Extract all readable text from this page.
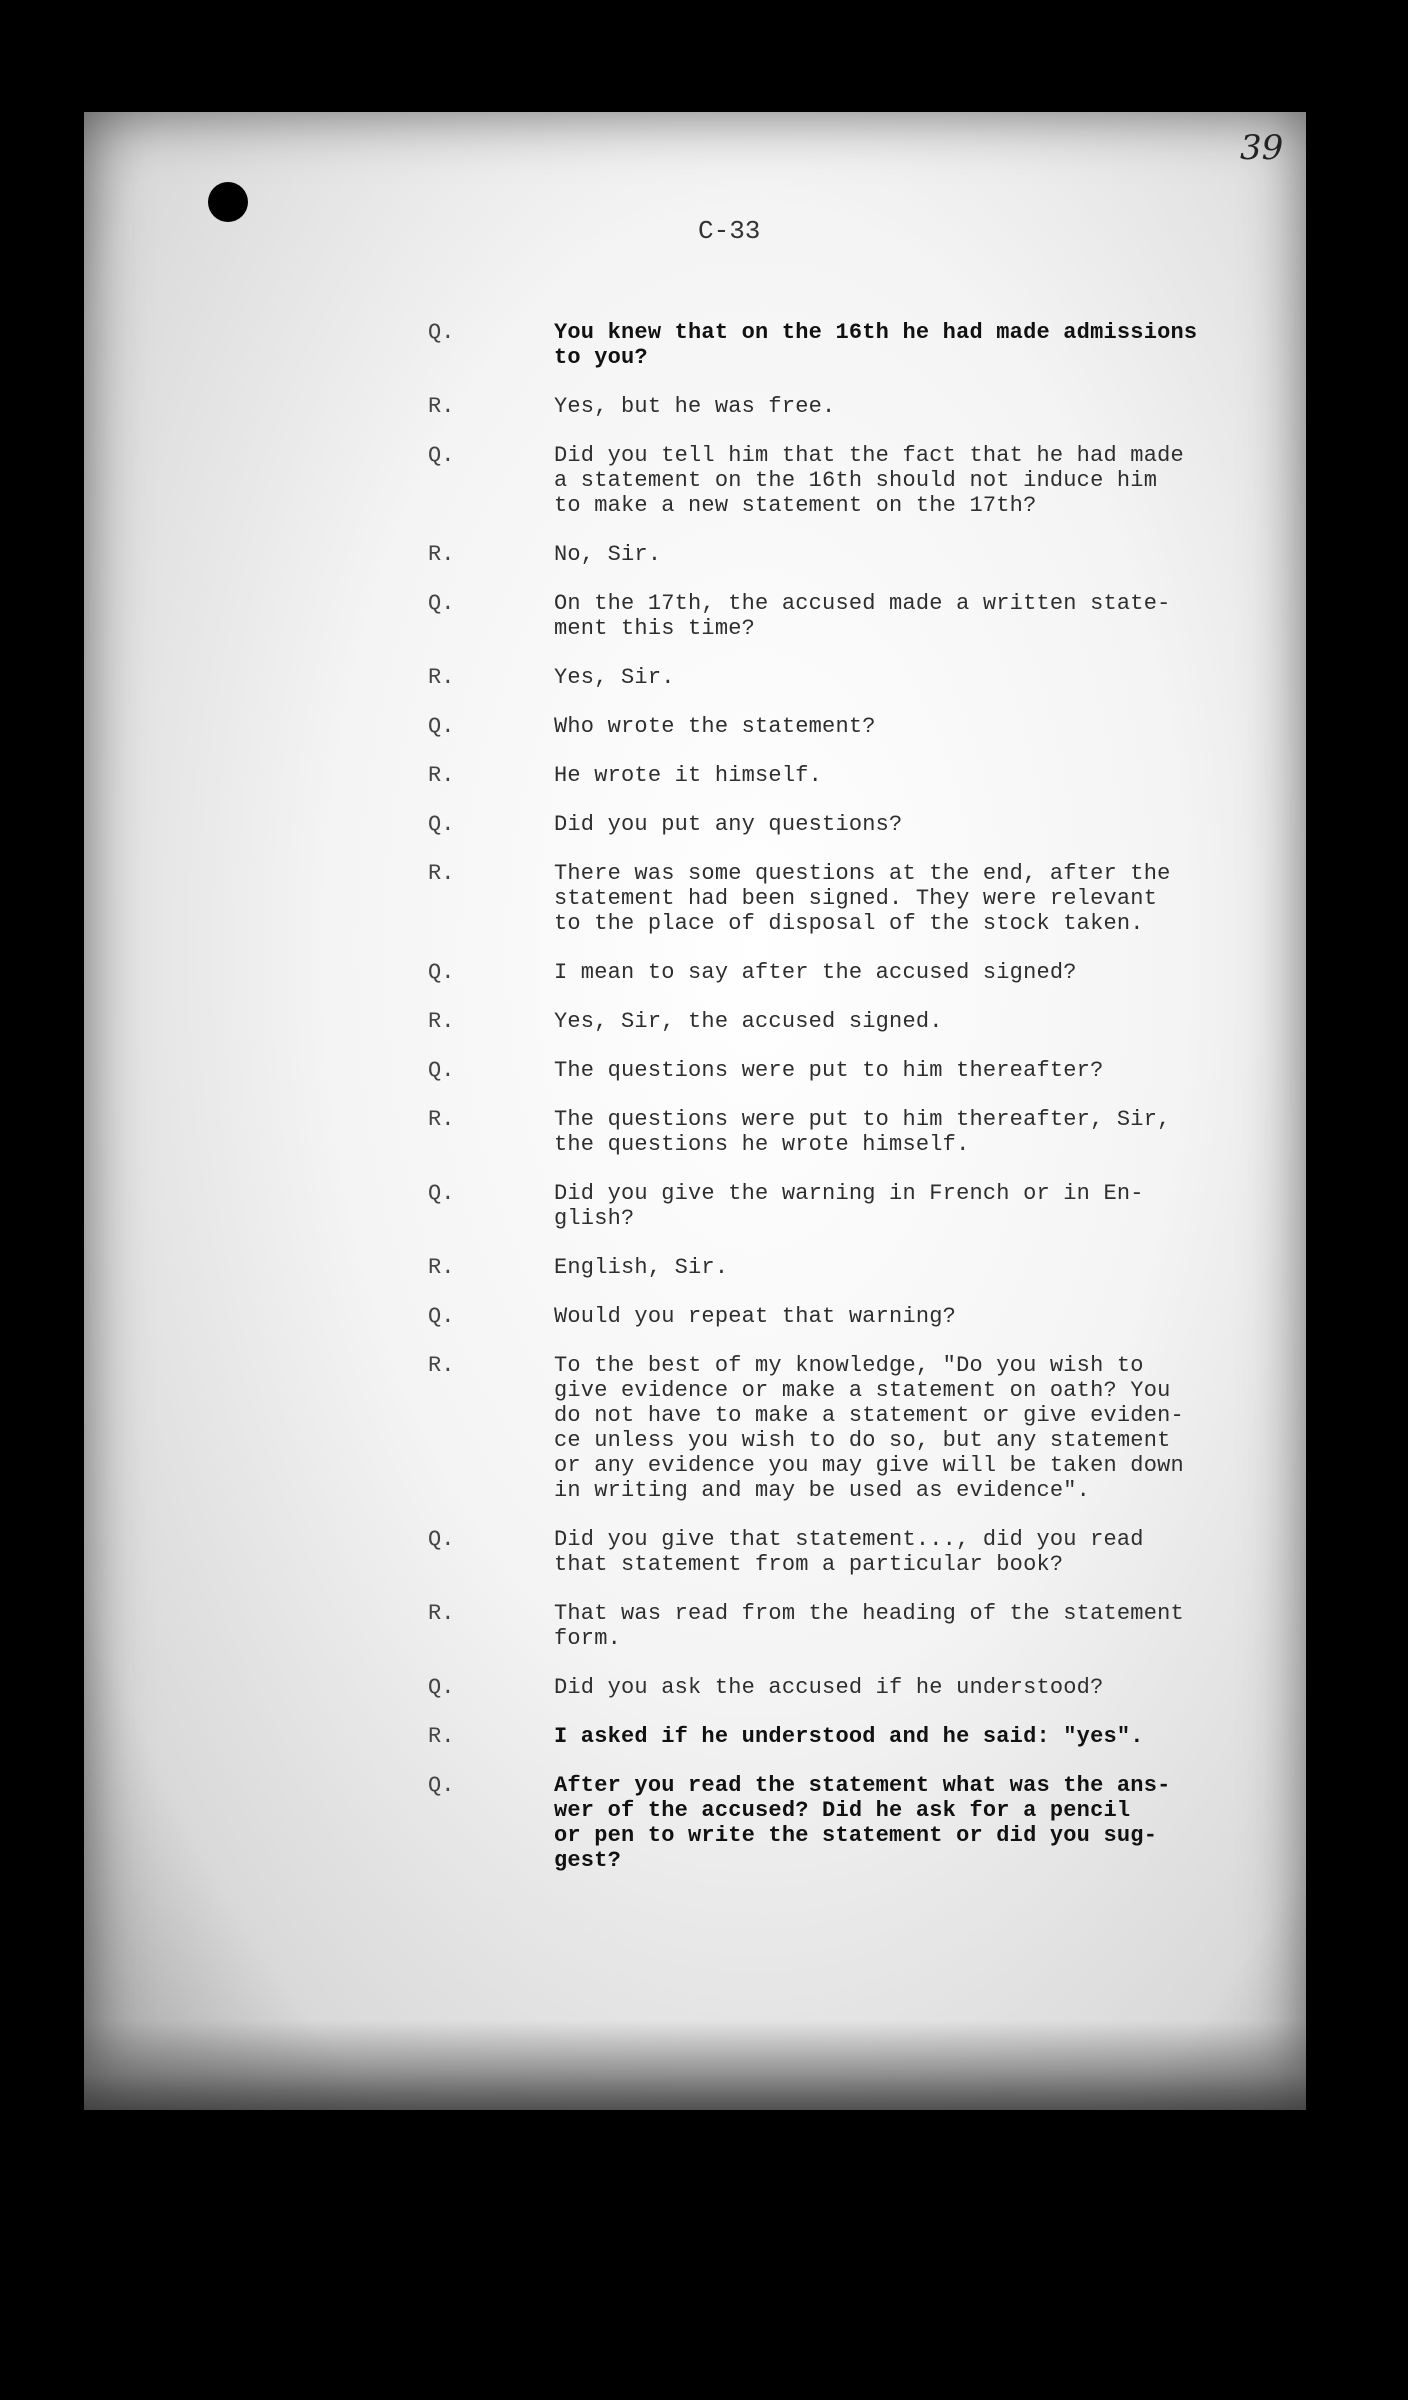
39
C-33
Q.	You knew that on the 16th he had made admissions
to you?
R.	Yes, but he was free.
Q.	Did you tell him that the fact that he had made
a statement on the 16th should not induce him
to make a new statement on the 17th?
R.	No, Sir.
Q.	On the 17th, the accused made a written state-
ment this time?
R.	Yes, Sir.
Q.	Who wrote the statement?
R.	He wrote it himself.
Q.	Did you put any questions?
R.	There was some questions at the end, after the
statement had been signed. They were relevant
to the place of disposal of the stock taken.
Q.	I mean to say after the accused signed?
R.	Yes, Sir, the accused signed.
Q.	The questions were put to him thereafter?
R.	The questions were put to him thereafter, Sir,
the questions he wrote himself.
Q.	Did you give the warning in French or in En-
glish?
R.	English, Sir.
Q.	Would you repeat that warning?
R.	To the best of my knowledge, "Do you wish to
give evidence or make a statement on oath? You
do not have to make a statement or give eviden-
ce unless you wish to do so, but any statement
or any evidence you may give will be taken down
in writing and may be used as evidence".
Q.	Did you give that statement..., did you read
that statement from a particular book?
R.	That was read from the heading of the statement
form.
Q.	Did you ask the accused if he understood?
R.	I asked if he understood and he said: "yes".
Q.	After you read the statement what was the ans-
wer of the accused? Did he ask for a pencil
or pen to write the statement or did you sug-
gest?
